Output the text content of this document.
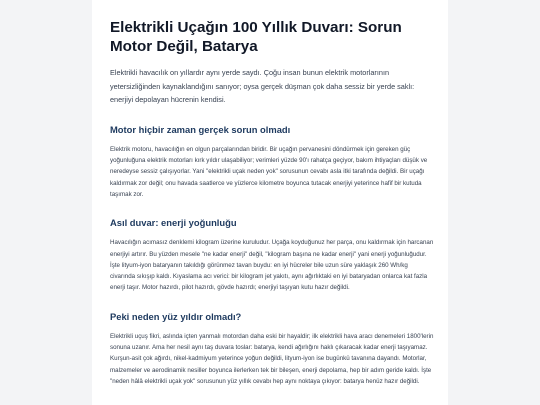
Elektrikli Uçağın 100 Yıllık Duvarı: Sorun Motor Değil, Batarya

Elektrikli havacılık on yıllardır aynı yerde saydı. Çoğu insan bunun elektrik motorlarının yetersizliğinden kaynaklandığını sanıyor; oysa gerçek düşman çok daha sessiz bir yerde saklı: enerjiyi depolayan hücrenin kendisi.

Motor hiçbir zaman gerçek sorun olmadı

Elektrik motoru, havacılığın en olgun parçalarından biridir. Bir uçağın pervanesini döndürmek için gereken güç yoğunluğuna elektrik motorları kırk yıldır ulaşabiliyor; verimleri yüzde 90'ı rahatça geçiyor, bakım ihtiyaçları düşük ve neredeyse sessiz çalışıyorlar. Yani "elektrikli uçak neden yok" sorusunun cevabı asla itki tarafında değildi. Bir uçağı kaldırmak zor değil; onu havada saatlerce ve yüzlerce kilometre boyunca tutacak enerjiyi yeterince hafif bir kutuda taşımak zor.

Asıl duvar: enerji yoğunluğu

Havacılığın acımasız denklemi kilogram üzerine kuruludur. Uçağa koyduğunuz her parça, onu kaldırmak için harcanan enerjiyi artırır. Bu yüzden mesele "ne kadar enerji" değil, "kilogram başına ne kadar enerji" yani enerji yoğunluğudur. İşte lityum-iyon bataryanın takıldığı görünmez tavan buydu: en iyi hücreler bile uzun süre yaklaşık 260 Wh/kg civarında sıkışıp kaldı. Kıyaslama acı verici: bir kilogram jet yakıtı, aynı ağırlıktaki en iyi bataryadan onlarca kat fazla enerji taşır. Motor hazırdı, pilot hazırdı, gövde hazırdı; enerjiyi taşıyan kutu hazır değildi.

Peki neden yüz yıldır olmadı?

Elektrikli uçuş fikri, aslında içten yanmalı motordan daha eski bir hayaldir; ilk elektrikli hava aracı denemeleri 1800'lerin sonuna uzanır. Ama her nesil aynı taş duvara toslar: batarya, kendi ağırlığını haklı çıkaracak kadar enerji taşıyamaz. Kurşun-asit çok ağırdı, nikel-kadmiyum yeterince yoğun değildi, lityum-iyon ise bugünkü tavanına dayandı. Motorlar, malzemeler ve aerodinamik nesiller boyunca ilerlerken tek bir bileşen, enerji depolama, hep bir adım geride kaldı. İşte "neden hâlâ elektrikli uçak yok" sorusunun yüz yıllık cevabı hep aynı noktaya çıkıyor: batarya henüz hazır değildi.
